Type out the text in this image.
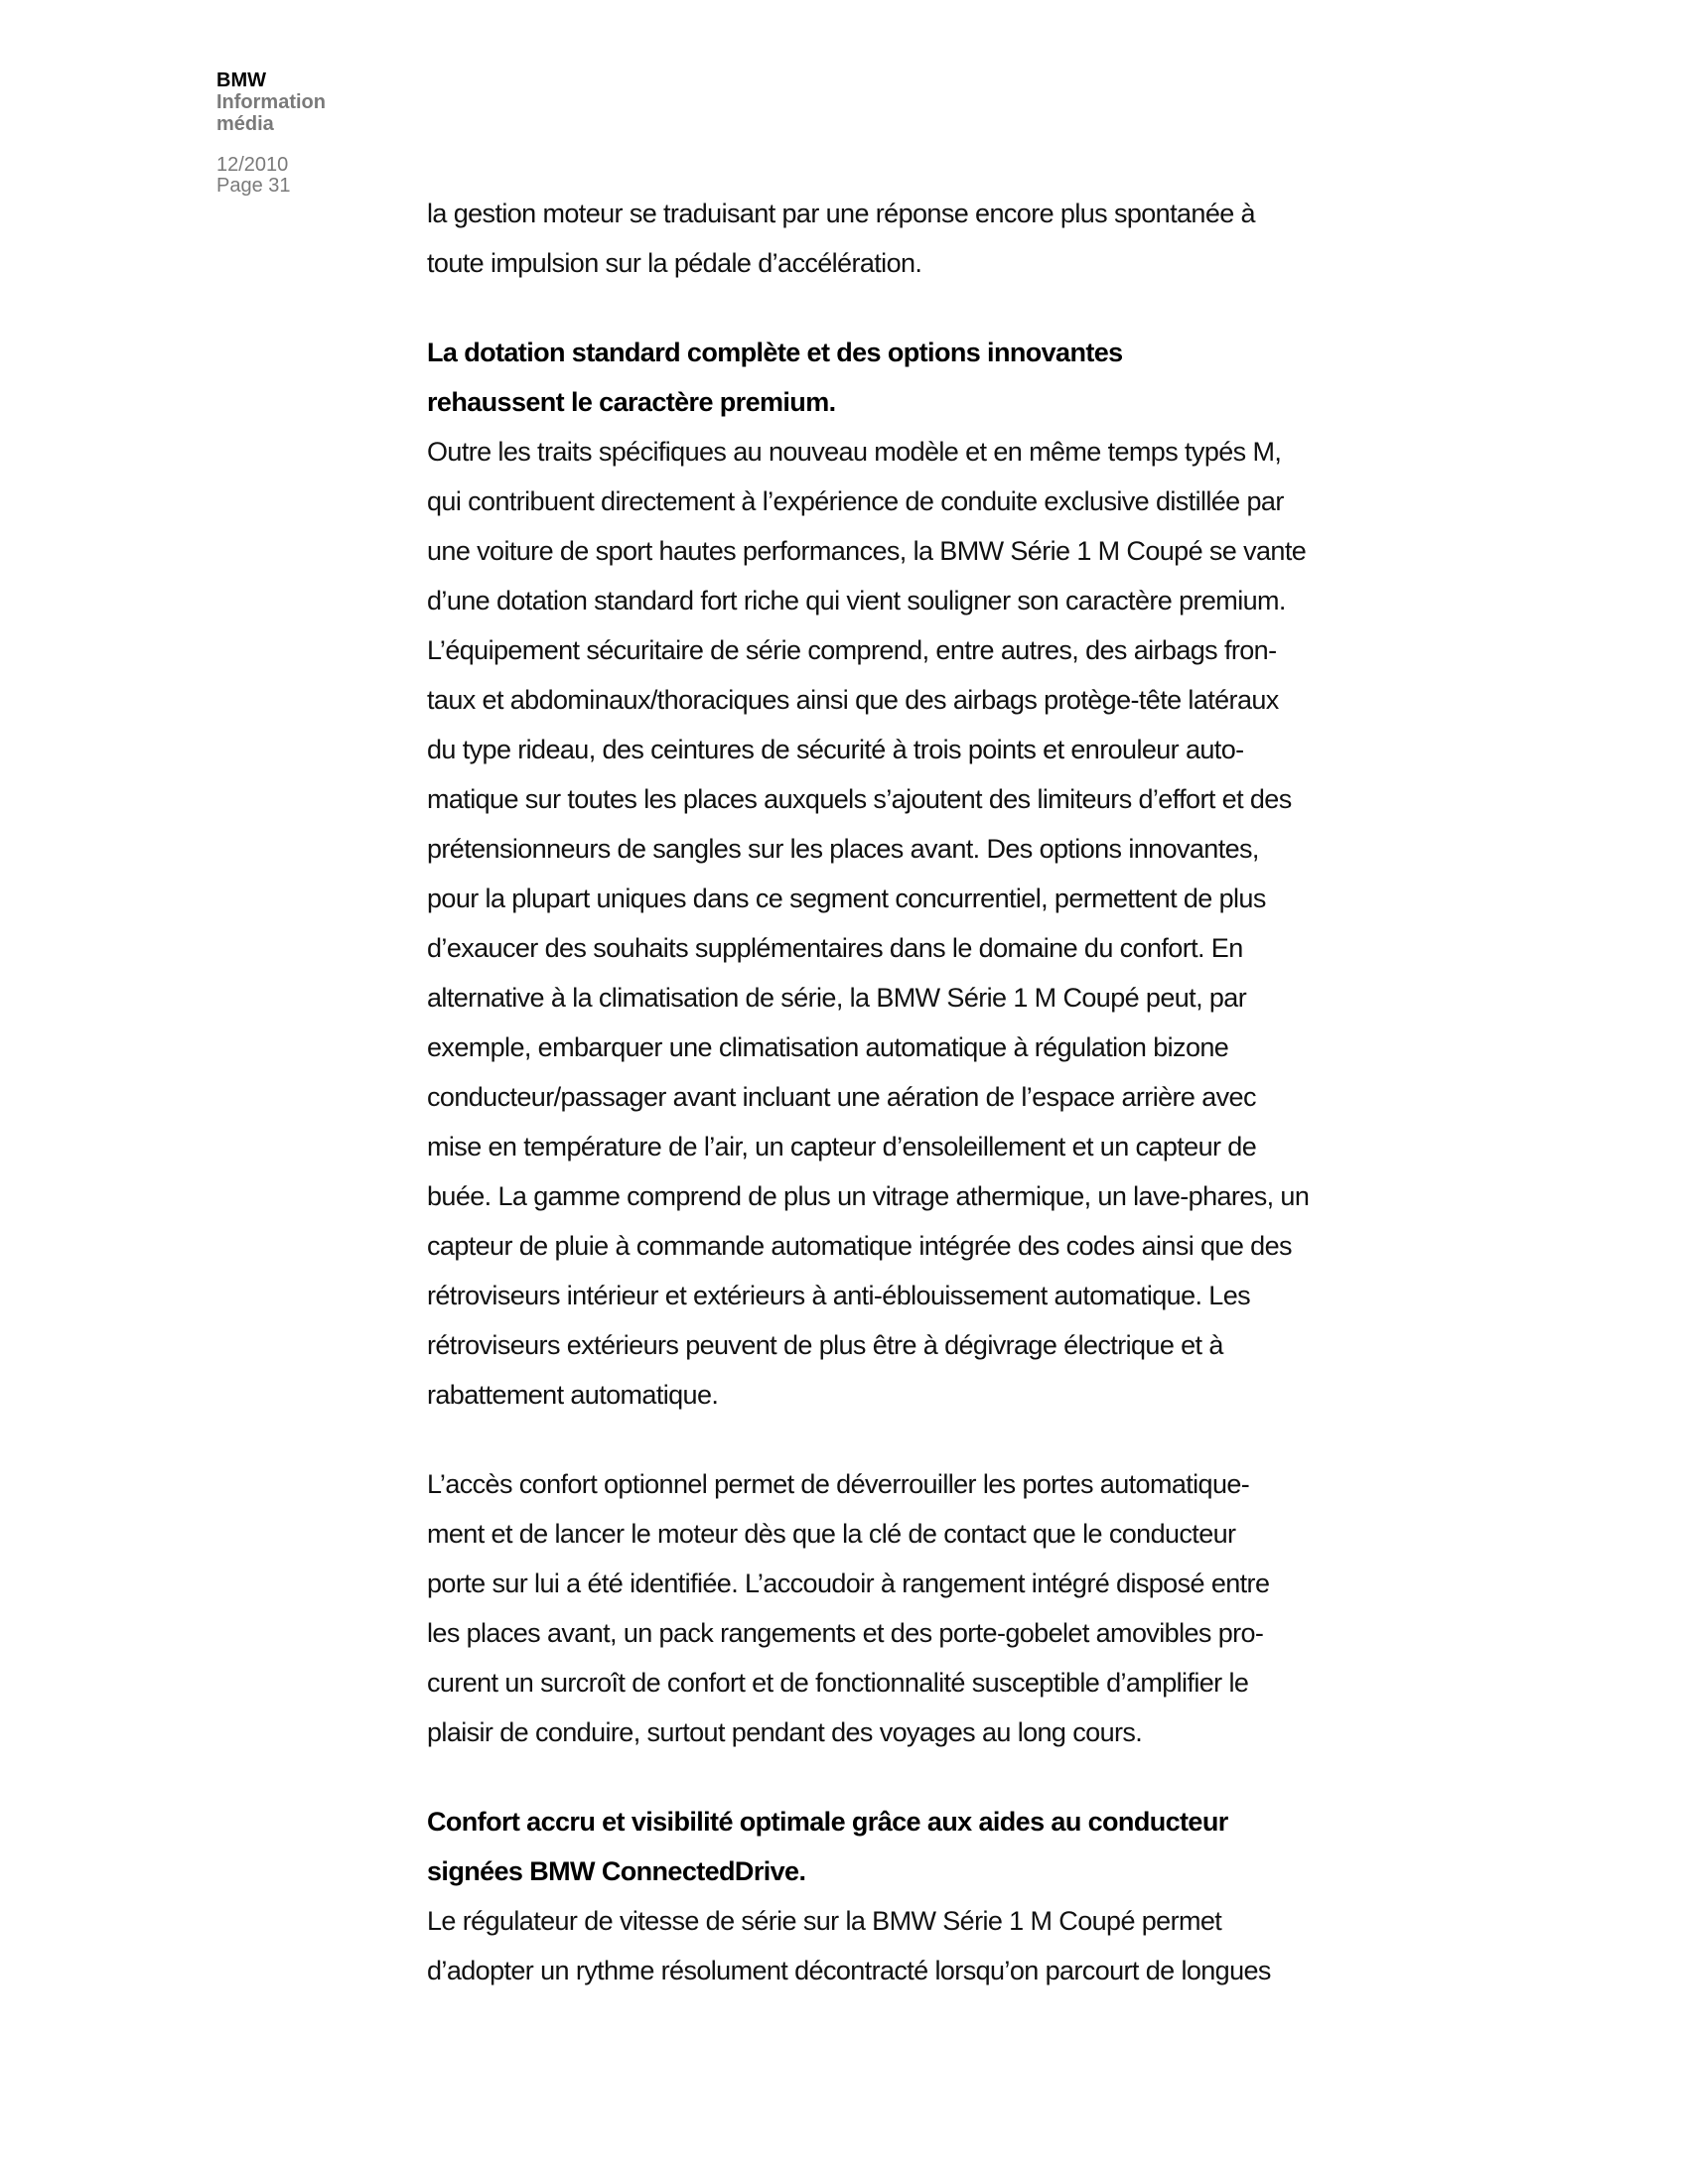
BMW
Information
média
12/2010
Page 31

la gestion moteur se traduisant par une réponse encore plus spontanée à
toute impulsion sur la pédale d’accélération.

La dotation standard complète et des options innovantes
rehaussent le caractère premium.

Outre les traits spécifiques au nouveau modèle et en même temps typés M,
qui contribuent directement à l’expérience de conduite exclusive distillée par
une voiture de sport hautes performances, la BMW Série 1 M Coupé se vante
d’une dotation standard fort riche qui vient souligner son caractère premium.
L’équipement sécuritaire de série comprend, entre autres, des airbags fron-
taux et abdominaux/thoraciques ainsi que des airbags protège-tête latéraux
du type rideau, des ceintures de sécurité à trois points et enrouleur auto-
matique sur toutes les places auxquels s’ajoutent des limiteurs d’effort et des
prétensionneurs de sangles sur les places avant. Des options innovantes,
pour la plupart uniques dans ce segment concurrentiel, permettent de plus
d’exaucer des souhaits supplémentaires dans le domaine du confort. En
alternative à la climatisation de série, la BMW Série 1 M Coupé peut, par
exemple, embarquer une climatisation automatique à régulation bizone
conducteur/passager avant incluant une aération de l’espace arrière avec
mise en température de l’air, un capteur d’ensoleillement et un capteur de
buée. La gamme comprend de plus un vitrage athermique, un lave-phares, un
capteur de pluie à commande automatique intégrée des codes ainsi que des
rétroviseurs intérieur et extérieurs à anti-éblouissement automatique. Les
rétroviseurs extérieurs peuvent de plus être à dégivrage électrique et à
rabattement automatique.

L’accès confort optionnel permet de déverrouiller les portes automatique-
ment et de lancer le moteur dès que la clé de contact que le conducteur
porte sur lui a été identifiée. L’accoudoir à rangement intégré disposé entre
les places avant, un pack rangements et des porte-gobelet amovibles pro-
curent un surcroît de confort et de fonctionnalité susceptible d’amplifier le
plaisir de conduire, surtout pendant des voyages au long cours.

Confort accru et visibilité optimale grâce aux aides au conducteur
signées BMW ConnectedDrive.

Le régulateur de vitesse de série sur la BMW Série 1 M Coupé permet
d’adopter un rythme résolument décontracté lorsqu’on parcourt de longues
